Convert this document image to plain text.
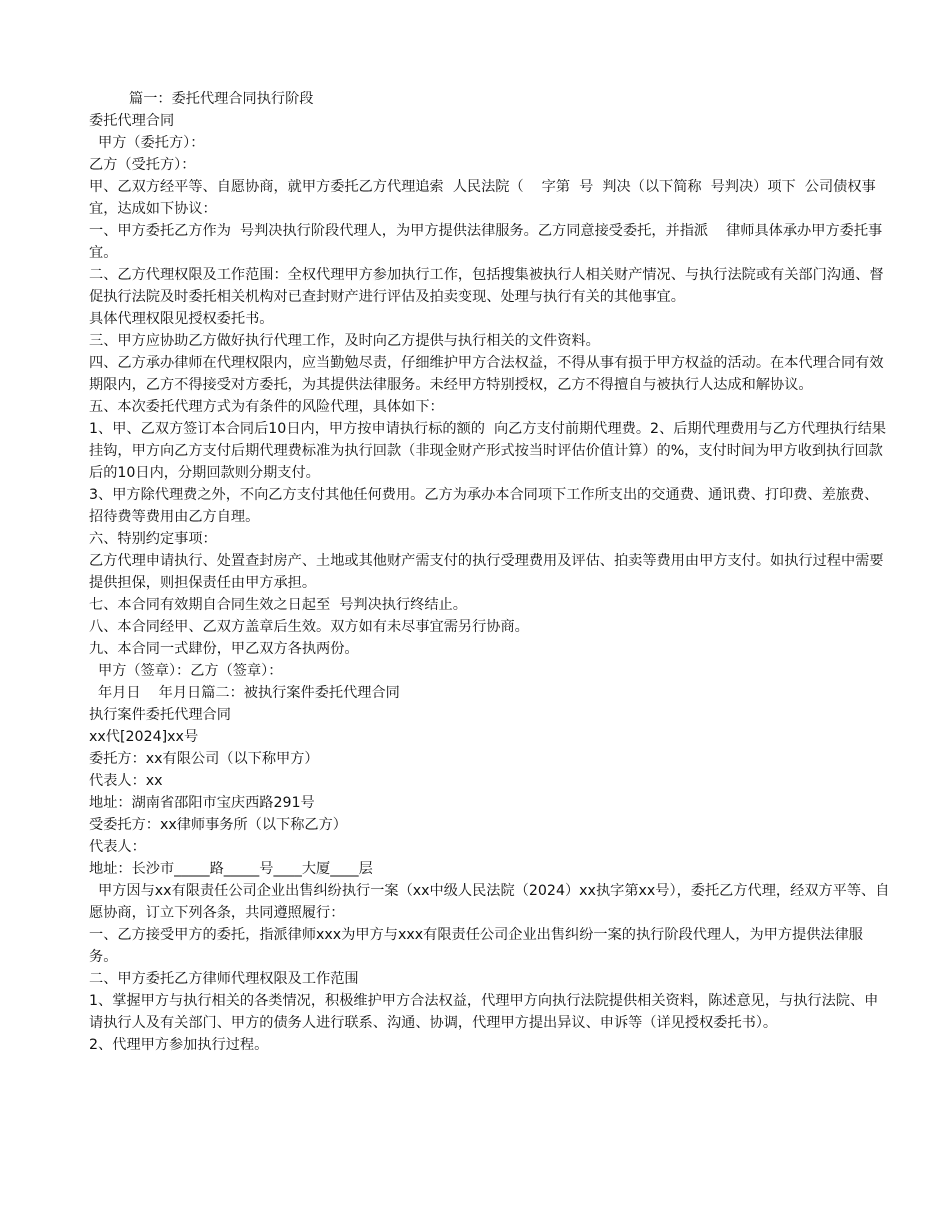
篇一：委托代理合同执行阶段

委托代理合同

甲方（委托方）：

乙方（受托方）：

甲、乙双方经平等、自愿协商，就甲方委托乙方代理追索  人民法院（    字第  号  判决（以下简称  号判决）项下  公司债权事宜，达成如下协议：

一、甲方委托乙方作为  号判决执行阶段代理人，为甲方提供法律服务。乙方同意接受委托，并指派    律师具体承办甲方委托事宜。

二、乙方代理权限及工作范围：全权代理甲方参加执行工作，包括搜集被执行人相关财产情况、与执行法院或有关部门沟通、督促执行法院及时委托相关机构对已查封财产进行评估及拍卖变现、处理与执行有关的其他事宜。

具体代理权限见授权委托书。

三、甲方应协助乙方做好执行代理工作，及时向乙方提供与执行相关的文件资料。

四、乙方承办律师在代理权限内，应当勤勉尽责，仔细维护甲方合法权益，不得从事有损于甲方权益的活动。在本代理合同有效期限内，乙方不得接受对方委托，为其提供法律服务。未经甲方特别授权，乙方不得擅自与被执行人达成和解协议。

五、本次委托代理方式为有条件的风险代理，具体如下：

1、甲、乙双方签订本合同后10日内，甲方按申请执行标的额的  向乙方支付前期代理费。2、后期代理费用与乙方代理执行结果挂钩，甲方向乙方支付后期代理费标准为执行回款（非现金财产形式按当时评估价值计算）的%，支付时间为甲方收到执行回款后的10日内，分期回款则分期支付。

3、甲方除代理费之外，不向乙方支付其他任何费用。乙方为承办本合同项下工作所支出的交通费、通讯费、打印费、差旅费、招待费等费用由乙方自理。

六、特别约定事项：

乙方代理申请执行、处置查封房产、土地或其他财产需支付的执行受理费用及评估、拍卖等费用由甲方支付。如执行过程中需要提供担保，则担保责任由甲方承担。

七、本合同有效期自合同生效之日起至  号判决执行终结止。

八、本合同经甲、乙双方盖章后生效。双方如有未尽事宜需另行协商。

九、本合同一式肆份，甲乙双方各执两份。

甲方（签章）：乙方（签章）：

年月日    年月日篇二：被执行案件委托代理合同

执行案件委托代理合同

xx代[2024]xx号

委托方：xx有限公司（以下称甲方）

代表人：xx

地址：湖南省邵阳市宝庆西路291号

受委托方：xx律师事务所（以下称乙方）

代表人：

地址：长沙市_____路_____号____大厦____层

甲方因与xx有限责任公司企业出售纠纷执行一案（xx中级人民法院（2024）xx执字第xx号），委托乙方代理，经双方平等、自愿协商，订立下列各条，共同遵照履行：

一、乙方接受甲方的委托，指派律师xxx为甲方与xxx有限责任公司企业出售纠纷一案的执行阶段代理人，为甲方提供法律服务。

二、甲方委托乙方律师代理权限及工作范围

1、掌握甲方与执行相关的各类情况，积极维护甲方合法权益，代理甲方向执行法院提供相关资料，陈述意见，与执行法院、申请执行人及有关部门、甲方的债务人进行联系、沟通、协调，代理甲方提出异议、申诉等（详见授权委托书）。

2、代理甲方参加执行过程。
